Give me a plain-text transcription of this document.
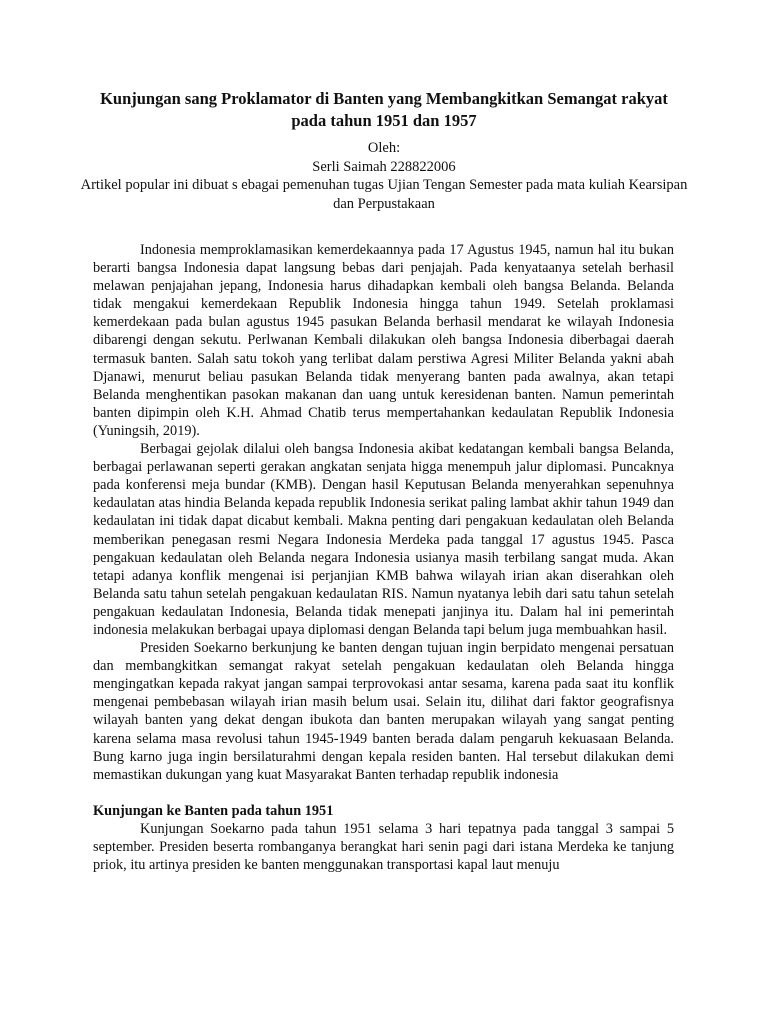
Kunjungan sang Proklamator di Banten yang Membangkitkan Semangat rakyat pada tahun 1951 dan 1957
Oleh:
Serli Saimah 228822006
Artikel popular ini dibuat s ebagai pemenuhan tugas Ujian Tengan Semester pada mata kuliah Kearsipan dan Perpustakaan

Indonesia memproklamasikan kemerdekaannya pada 17 Agustus 1945, namun hal itu bukan berarti bangsa Indonesia dapat langsung bebas dari penjajah. Pada kenyataanya setelah berhasil melawan penjajahan jepang, Indonesia harus dihadapkan kembali oleh bangsa Belanda. Belanda tidak mengakui kemerdekaan Republik Indonesia hingga tahun 1949. Setelah proklamasi kemerdekaan pada bulan agustus 1945 pasukan Belanda berhasil mendarat ke wilayah Indonesia dibarengi dengan sekutu. Perlwanan Kembali dilakukan oleh bangsa Indonesia diberbagai daerah termasuk banten. Salah satu tokoh yang terlibat dalam perstiwa Agresi Militer Belanda yakni abah Djanawi, menurut beliau pasukan Belanda tidak menyerang banten pada awalnya, akan tetapi Belanda menghentikan pasokan makanan dan uang untuk keresidenan banten. Namun pemerintah banten dipimpin oleh K.H. Ahmad Chatib terus mempertahankan kedaulatan Republik Indonesia (Yuningsih, 2019).

Berbagai gejolak dilalui oleh bangsa Indonesia akibat kedatangan kembali bangsa Belanda, berbagai perlawanan seperti gerakan angkatan senjata higga menempuh jalur diplomasi. Puncaknya pada konferensi meja bundar (KMB). Dengan hasil Keputusan Belanda menyerahkan sepenuhnya kedaulatan atas hindia Belanda kepada republik Indonesia serikat paling lambat akhir tahun 1949 dan kedaulatan ini tidak dapat dicabut kembali. Makna penting dari pengakuan kedaulatan oleh Belanda memberikan penegasan resmi Negara Indonesia Merdeka pada tanggal 17 agustus 1945. Pasca pengakuan kedaulatan oleh Belanda negara Indonesia usianya masih terbilang sangat muda. Akan tetapi adanya konflik mengenai isi perjanjian KMB bahwa wilayah irian akan diserahkan oleh Belanda satu tahun setelah pengakuan kedaulatan RIS. Namun nyatanya lebih dari satu tahun setelah pengakuan kedaulatan Indonesia, Belanda tidak menepati janjinya itu. Dalam hal ini pemerintah indonesia melakukan berbagai upaya diplomasi dengan Belanda tapi belum juga membuahkan hasil.

Presiden Soekarno berkunjung ke banten dengan tujuan ingin berpidato mengenai persatuan dan membangkitkan semangat rakyat setelah pengakuan kedaulatan oleh Belanda hingga mengingatkan kepada rakyat jangan sampai terprovokasi antar sesama, karena pada saat itu konflik mengenai pembebasan wilayah irian masih belum usai. Selain itu, dilihat dari faktor geografisnya wilayah banten yang dekat dengan ibukota dan banten merupakan wilayah yang sangat penting karena selama masa revolusi tahun 1945-1949 banten berada dalam pengaruh kekuasaan Belanda. Bung karno juga ingin bersilaturahmi dengan kepala residen banten. Hal tersebut dilakukan demi memastikan dukungan yang kuat Masyarakat Banten terhadap republik indonesia

Kunjungan ke Banten pada tahun 1951

Kunjungan Soekarno pada tahun 1951 selama 3 hari tepatnya pada tanggal 3 sampai 5 september. Presiden beserta rombanganya berangkat hari senin pagi dari istana Merdeka ke tanjung priok, itu artinya presiden ke banten menggunakan transportasi kapal laut menuju
